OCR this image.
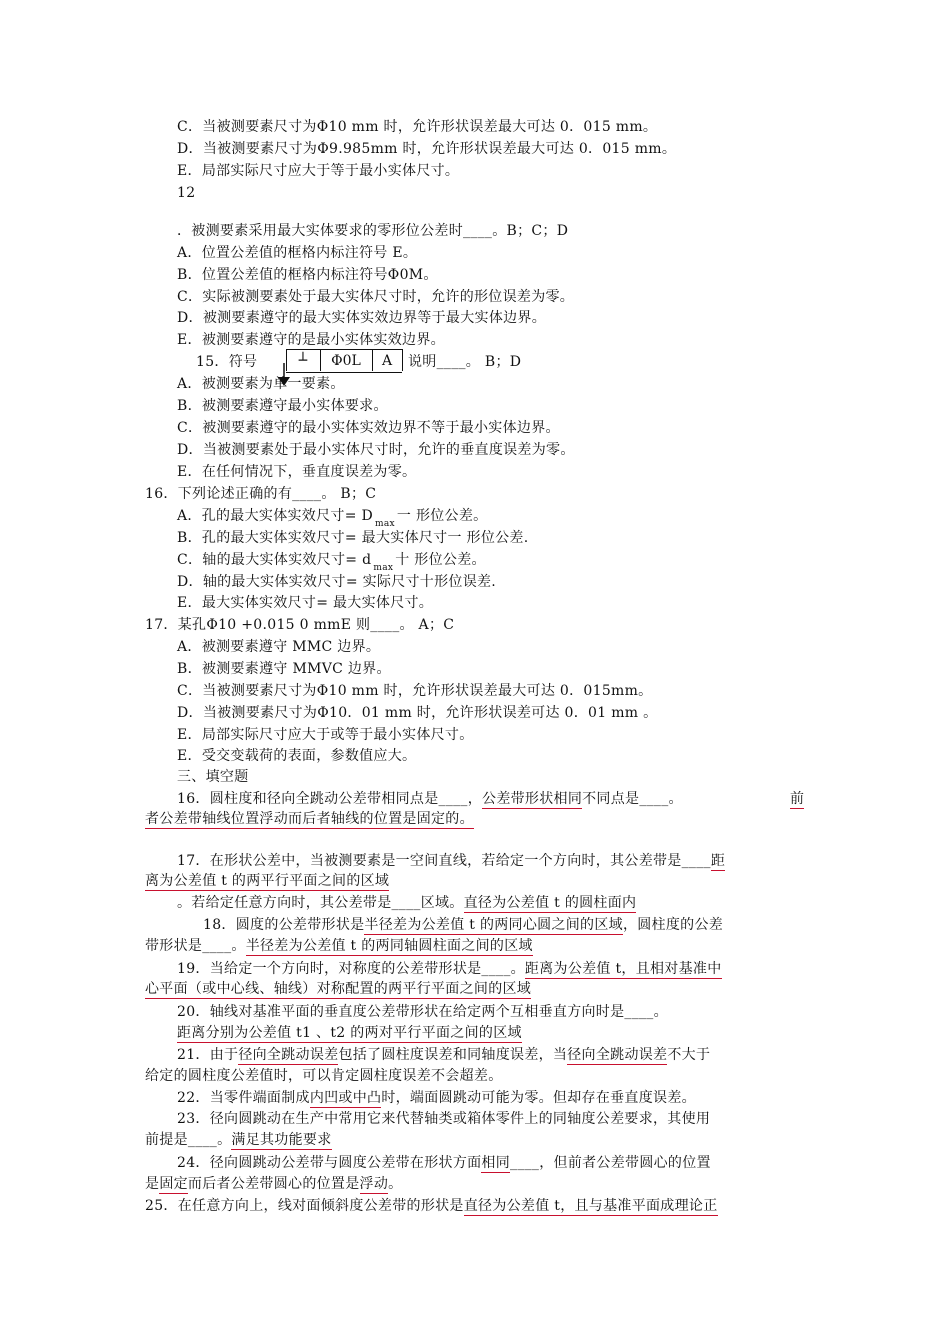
C．当被测要素尺寸为Φ10 mm 时，允许形状误差最大可达 0．015 mm。
D．当被测要素尺寸为Φ9.985mm 时，允许形状误差最大可达 0．015 mm。
E．局部实际尺寸应大于等于最小实体尺寸。
12
．被测要素采用最大实体要求的零形位公差时____。B；C；D
A．位置公差值的框格内标注符号 E。
B．位置公差值的框格内标注符号Φ0M。
C．实际被测要素处于最大实体尺寸时，允许的形位误差为零。
D．被测要素遵守的最大实体实效边界等于最大实体边界。
E．被测要素遵守的是最小实体实效边界。
15．符号	┴	Φ0L	A	说明____。 B；D
A．被测要素为单一要素。
B．被测要素遵守最小实体要求。
C．被测要素遵守的最小实体实效边界不等于最小实体边界。
D．当被测要素处于最小实体尺寸时，允许的垂直度误差为零。
E．在任何情况下，垂直度误差为零。
16．下列论述正确的有____。 B；C
A．孔的最大实体实效尺寸= D $_{max}$ 一 形位公差。
B．孔的最大实体实效尺寸= 最大实体尺寸一 形位公差.
C．轴的最大实体实效尺寸= d $_{max}$ 十 形位公差。
D．轴的最大实体实效尺寸= 实际尺寸十形位误差.
E．最大实体实效尺寸= 最大实体尺寸。
17．某孔Φ10 +0.015 0 mmE 则____。 A；C
A．被测要素遵守 MMC 边界。
B．被测要素遵守 MMVC 边界。
C．当被测要素尺寸为Φ10 mm 时，允许形状误差最大可达 0．015mm。
D．当被测要素尺寸为Φ10．01 mm 时，允许形状误差可达 0．01 mm 。
E．局部实际尺寸应大于或等于最小实体尺寸。
E．受交变载荷的表面，参数值应大。
三、填空题
16．圆柱度和径向全跳动公差带相同点是____，公差带形状相同不同点是____。	前
者公差带轴线位置浮动而后者轴线的位置是固定的。
17．在形状公差中，当被测要素是一空间直线，若给定一个方向时，其公差带是____距
离为公差值 t 的两平行平面之间的区域
。若给定任意方向时，其公差带是____区域。直径为公差值 t 的圆柱面内
18．圆度的公差带形状是半径差为公差值 t 的两同心圆之间的区域，圆柱度的公差
带形状是____。半径差为公差值 t 的两同轴圆柱面之间的区域
19．当给定一个方向时，对称度的公差带形状是____。距离为公差值 t，且相对基准中
心平面（或中心线、轴线）对称配置的两平行平面之间的区域
20．轴线对基准平面的垂直度公差带形状在给定两个互相垂直方向时是____。
距离分别为公差值 t1 、t2 的两对平行平面之间的区域
21．由于径向全跳动误差包括了圆柱度误差和同轴度误差，当径向全跳动误差不大于
给定的圆柱度公差值时，可以肯定圆柱度误差不会超差。
22．当零件端面制成内凹或中凸时，端面圆跳动可能为零。但却存在垂直度误差。
23．径向圆跳动在生产中常用它来代替轴类或箱体零件上的同轴度公差要求，其使用
前提是____。满足其功能要求
24．径向圆跳动公差带与圆度公差带在形状方面相同____，但前者公差带圆心的位置
是固定而后者公差带圆心的位置是浮动。
25．在任意方向上，线对面倾斜度公差带的形状是直径为公差值 t，且与基准平面成理论正
